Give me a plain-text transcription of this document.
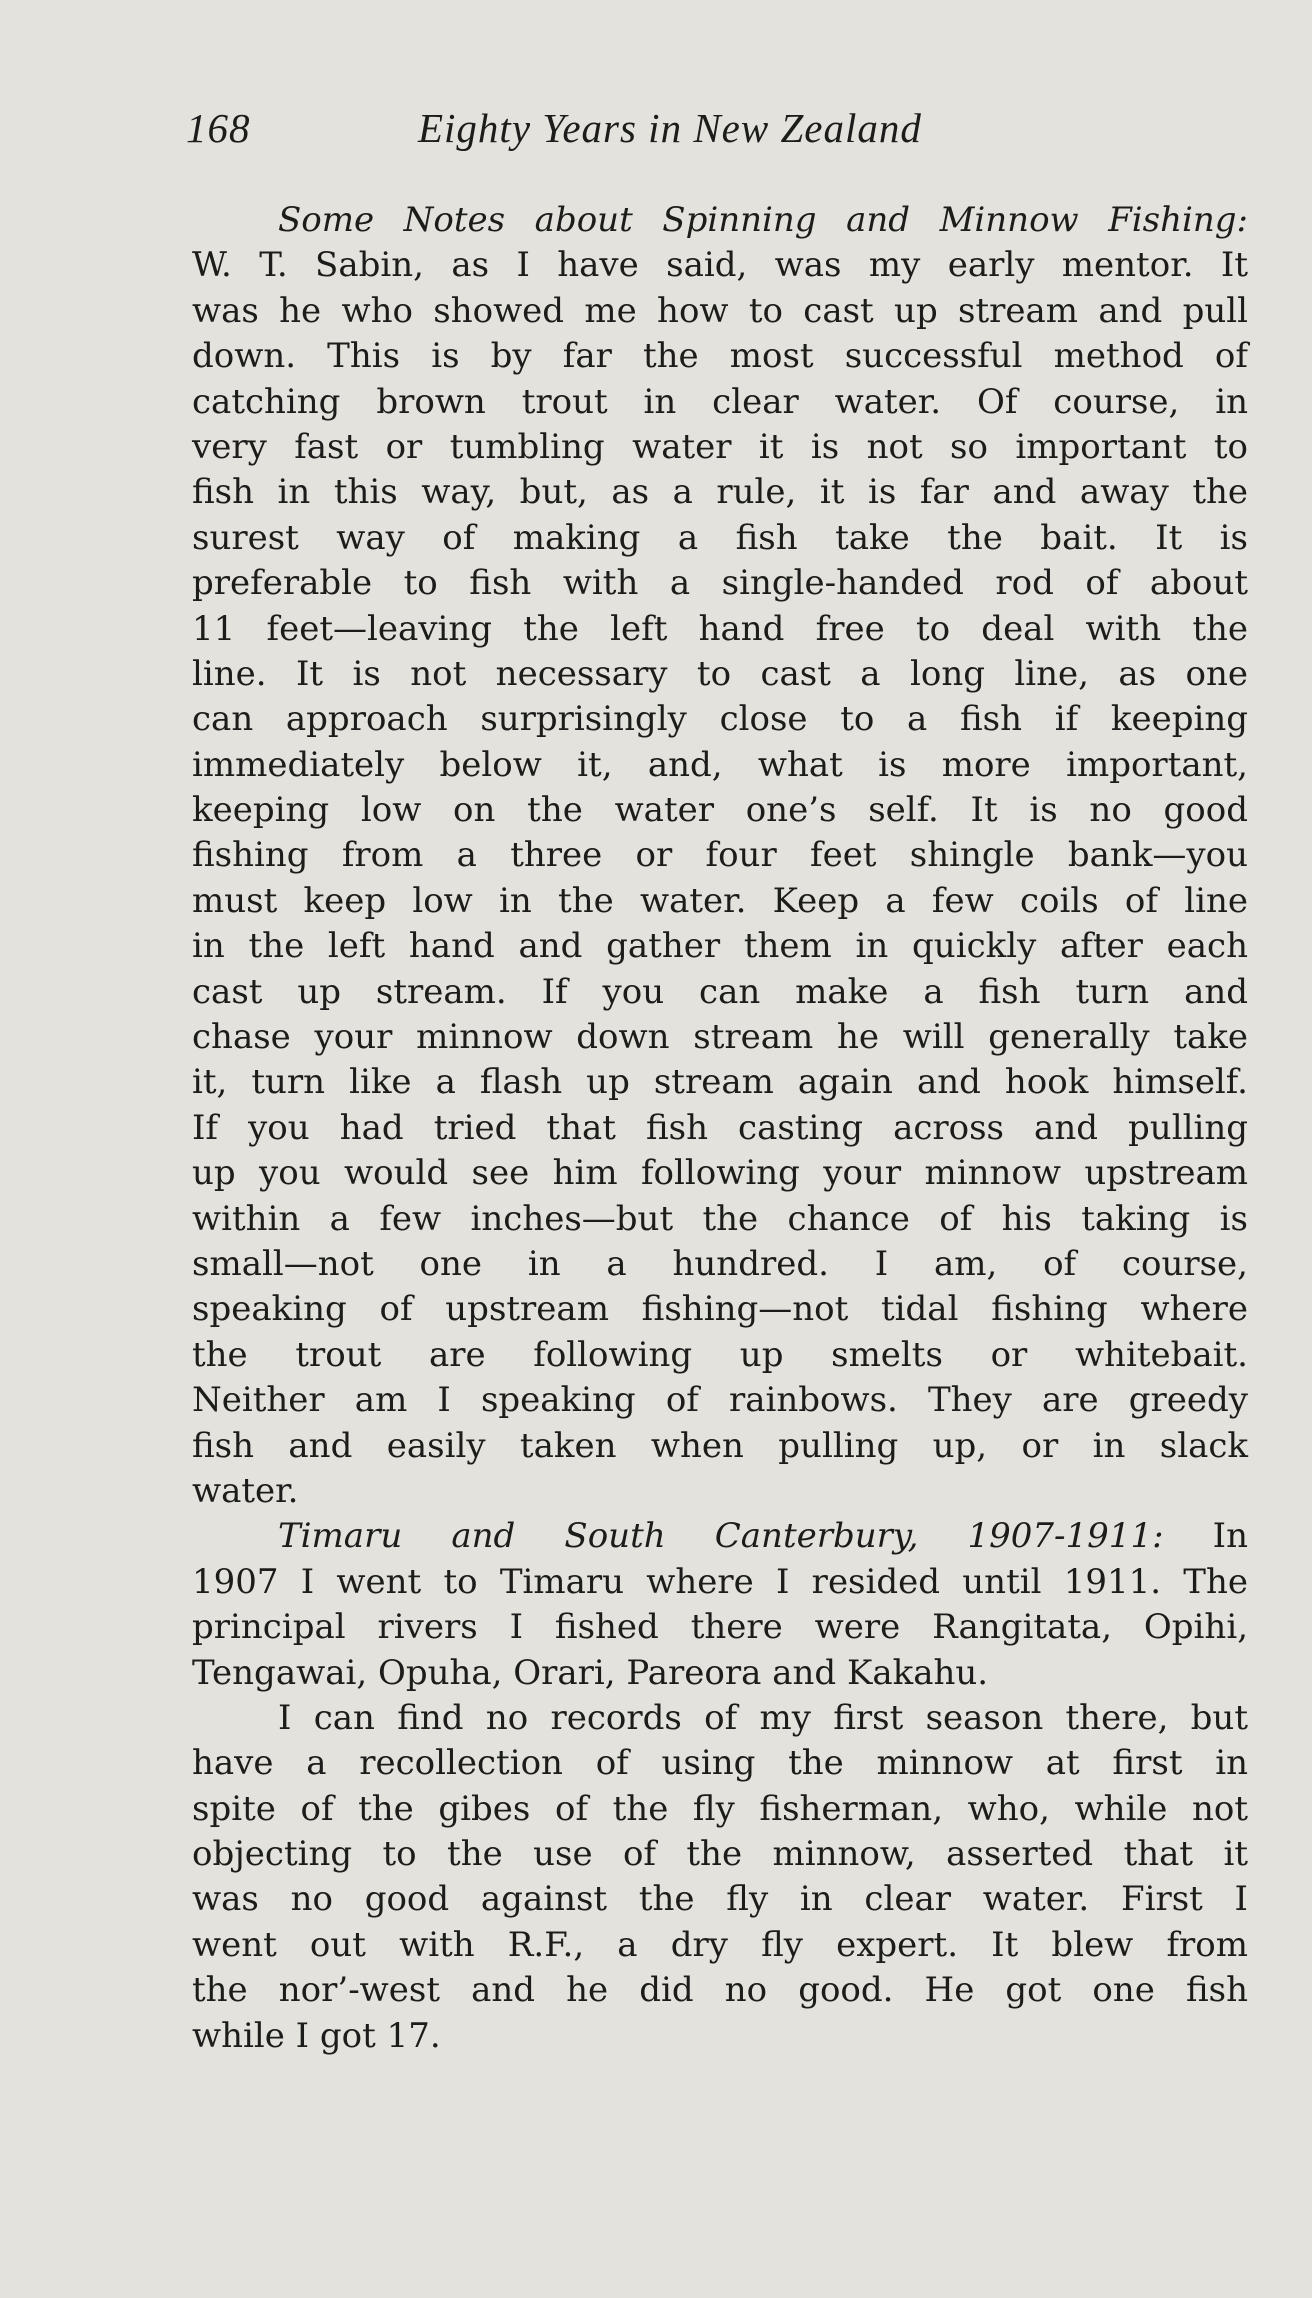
168	Eighty Years in New Zealand
Some Notes about Spinning and Minnow Fishing:
W. T. Sabin, as I have said, was my early mentor. It
was he who showed me how to cast up stream and pull
down. This is by far the most successful method of
catching brown trout in clear water. Of course, in
very fast or tumbling water it is not so important to
fish in this way, but, as a rule, it is far and away the
surest way of making a fish take the bait. It is
preferable to fish with a single-handed rod of about
11 feet—leaving the left hand free to deal with the
line. It is not necessary to cast a long line, as one
can approach surprisingly close to a fish if keeping
immediately below it, and, what is more important,
keeping low on the water one’s self. It is no good
fishing from a three or four feet shingle bank—you
must keep low in the water. Keep a few coils of line
in the left hand and gather them in quickly after each
cast up stream. If you can make a fish turn and
chase your minnow down stream he will generally take
it, turn like a flash up stream again and hook himself.
If you had tried that fish casting across and pulling
up you would see him following your minnow upstream
within a few inches—but the chance of his taking is
small—not one in a hundred. I am, of course,
speaking of upstream fishing—not tidal fishing where
the trout are following up smelts or whitebait.
Neither am I speaking of rainbows. They are greedy
fish and easily taken when pulling up, or in slack
water.
Timaru and South Canterbury, 1907-1911: In
1907 I went to Timaru where I resided until 1911. The
principal rivers I fished there were Rangitata, Opihi,
Tengawai, Opuha, Orari, Pareora and Kakahu.
I can find no records of my first season there, but
have a recollection of using the minnow at first in
spite of the gibes of the fly fisherman, who, while not
objecting to the use of the minnow, asserted that it
was no good against the fly in clear water. First I
went out with R.F., a dry fly expert. It blew from
the nor’-west and he did no good. He got one fish
while I got 17.
